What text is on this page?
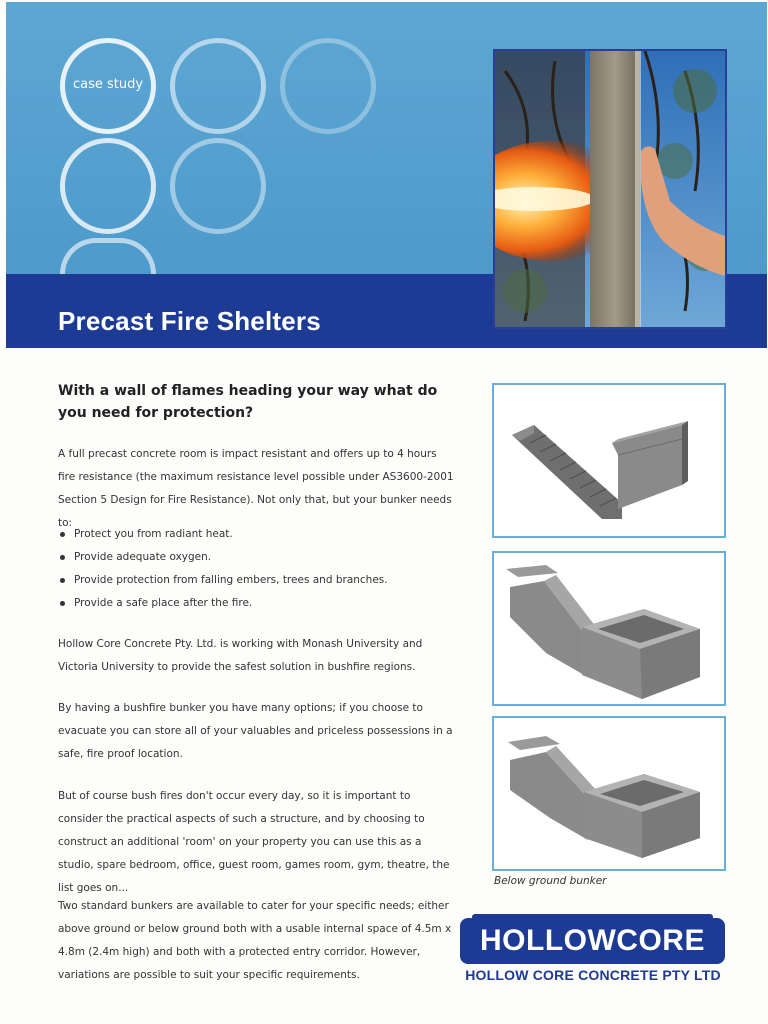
case study
Precast Fire Shelters
With a wall of flames heading your way what do you need for protection?

A full precast concrete room is impact resistant and offers up to 4 hours fire resistance (the maximum resistance level possible under AS3600-2001 Section 5 Design for Fire Resistance). Not only that, but your bunker needs to:

Protect you from radiant heat.
Provide adequate oxygen.
Provide protection from falling embers, trees and branches.
Provide a safe place after the fire.

Hollow Core Concrete Pty. Ltd. is working with Monash University and Victoria University to provide the safest solution in bushfire regions.

By having a bushfire bunker you have many options; if you choose to evacuate you can store all of your valuables and priceless possessions in a safe, fire proof location.

But of course bush fires don't occur every day, so it is important to consider the practical aspects of such a structure, and by choosing to construct an additional 'room' on your property you can use this as a studio, spare bedroom, office, guest room, games room, gym, theatre, the list goes on...

Two standard bunkers are available to cater for your specific needs; either above ground or below ground both with a usable internal space of 4.5m x 4.8m (2.4m high) and both with a protected entry corridor. However, variations are possible to suit your specific requirements.

Below ground bunker
HOLLOWCORE
HOLLOW CORE CONCRETE PTY LTD
